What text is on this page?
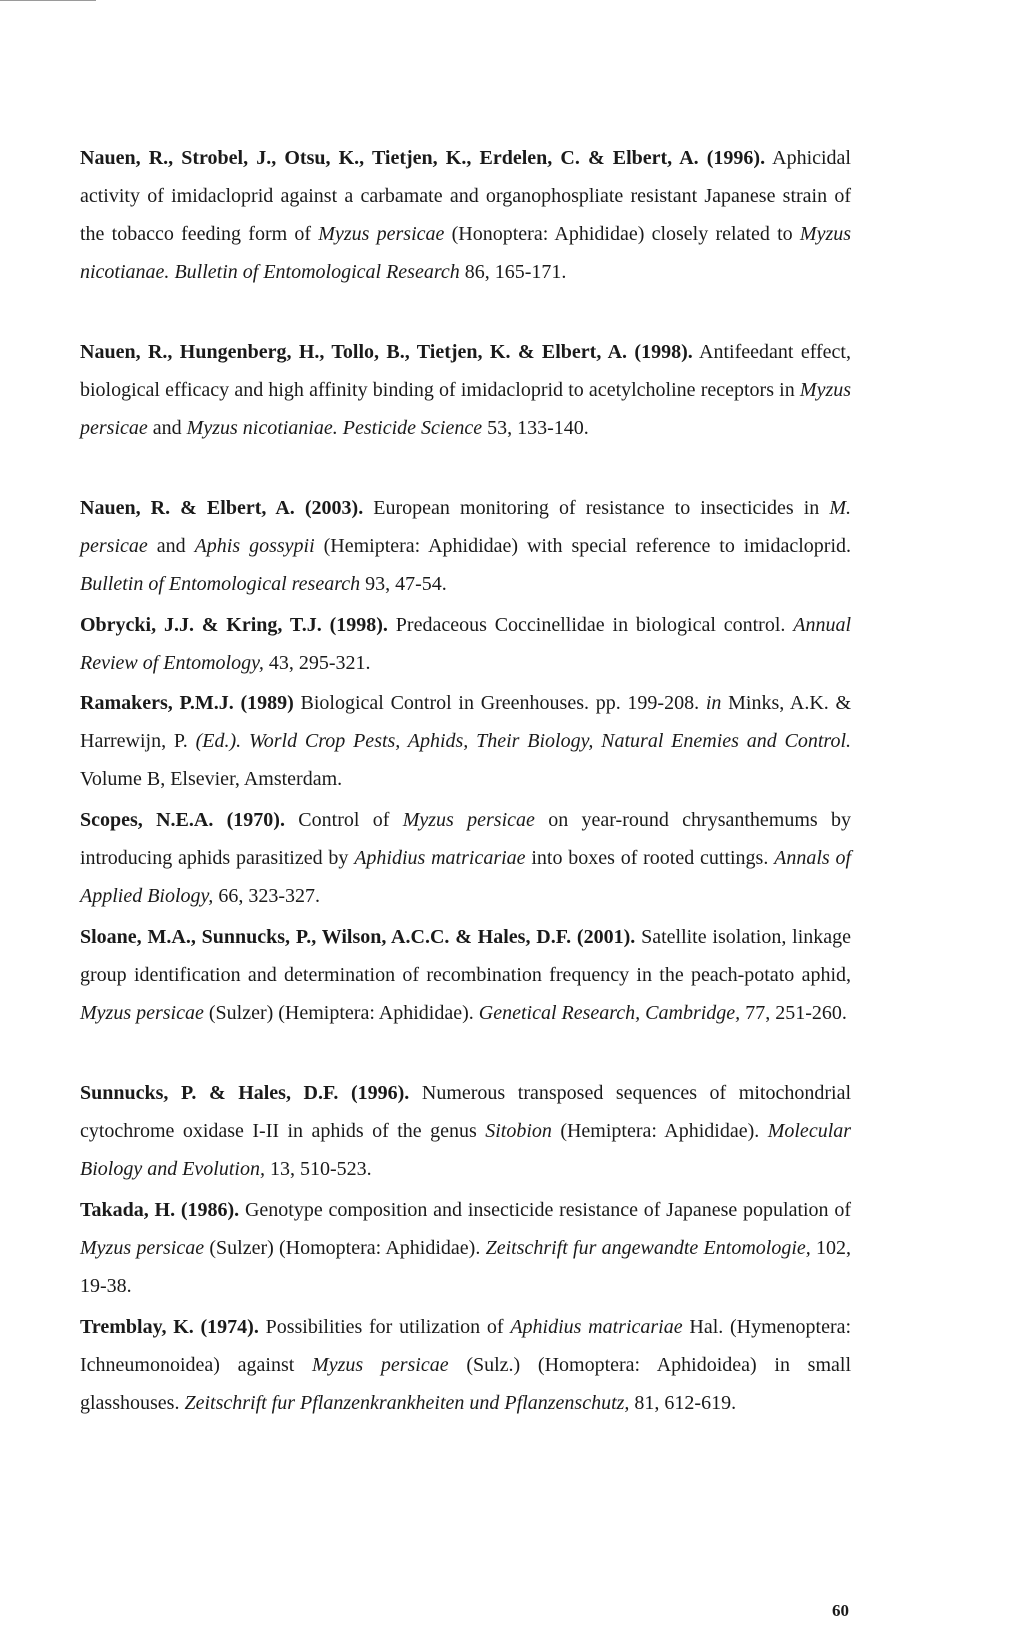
Nauen, R., Strobel, J., Otsu, K., Tietjen, K., Erdelen, C. & Elbert, A. (1996). Aphicidal activity of imidacloprid against a carbamate and organophospliate resistant Japanese strain of the tobacco feeding form of Myzus persicae (Honoptera: Aphididae) closely related to Myzus nicotianae. Bulletin of Entomological Research 86, 165-171.
Nauen, R., Hungenberg, H., Tollo, B., Tietjen, K. & Elbert, A. (1998). Antifeedant effect, biological efficacy and high affinity binding of imidacloprid to acetylcholine receptors in Myzus persicae and Myzus nicotianiae. Pesticide Science 53, 133-140.
Nauen, R. & Elbert, A. (2003). European monitoring of resistance to insecticides in M. persicae and Aphis gossypii (Hemiptera: Aphididae) with special reference to imidacloprid. Bulletin of Entomological research 93, 47-54.
Obrycki, J.J. & Kring, T.J. (1998). Predaceous Coccinellidae in biological control. Annual Review of Entomology, 43, 295-321.
Ramakers, P.M.J. (1989) Biological Control in Greenhouses. pp. 199-208. in Minks, A.K. & Harrewijn, P. (Ed.). World Crop Pests, Aphids, Their Biology, Natural Enemies and Control. Volume B, Elsevier, Amsterdam.
Scopes, N.E.A. (1970). Control of Myzus persicae on year-round chrysanthemums by introducing aphids parasitized by Aphidius matricariae into boxes of rooted cuttings. Annals of Applied Biology, 66, 323-327.
Sloane, M.A., Sunnucks, P., Wilson, A.C.C. & Hales, D.F. (2001). Satellite isolation, linkage group identification and determination of recombination frequency in the peach-potato aphid, Myzus persicae (Sulzer) (Hemiptera: Aphididae). Genetical Research, Cambridge, 77, 251-260.
Sunnucks, P. & Hales, D.F. (1996). Numerous transposed sequences of mitochondrial cytochrome oxidase I-II in aphids of the genus Sitobion (Hemiptera: Aphididae). Molecular Biology and Evolution, 13, 510-523.
Takada, H. (1986). Genotype composition and insecticide resistance of Japanese population of Myzus persicae (Sulzer) (Homoptera: Aphididae). Zeitschrift fur angewandte Entomologie, 102, 19-38.
Tremblay, K. (1974). Possibilities for utilization of Aphidius matricariae Hal. (Hymenoptera: Ichneumonoidea) against Myzus persicae (Sulz.) (Homoptera: Aphidoidea) in small glasshouses. Zeitschrift fur Pflanzenkrankheiten und Pflanzenschutz, 81, 612-619.
60
